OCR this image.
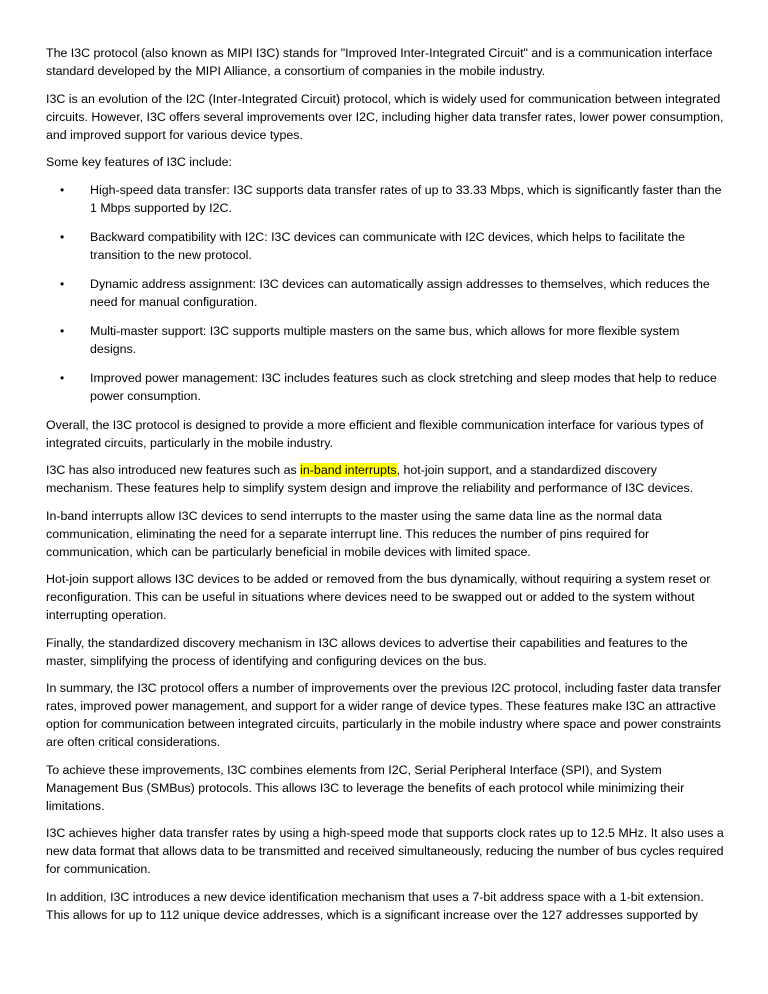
The I3C protocol (also known as MIPI I3C) stands for "Improved Inter-Integrated Circuit" and is a communication interface standard developed by the MIPI Alliance, a consortium of companies in the mobile industry.

I3C is an evolution of the I2C (Inter-Integrated Circuit) protocol, which is widely used for communication between integrated circuits. However, I3C offers several improvements over I2C, including higher data transfer rates, lower power consumption, and improved support for various device types.

Some key features of I3C include:

• High-speed data transfer: I3C supports data transfer rates of up to 33.33 Mbps, which is significantly faster than the 1 Mbps supported by I2C.
• Backward compatibility with I2C: I3C devices can communicate with I2C devices, which helps to facilitate the transition to the new protocol.
• Dynamic address assignment: I3C devices can automatically assign addresses to themselves, which reduces the need for manual configuration.
• Multi-master support: I3C supports multiple masters on the same bus, which allows for more flexible system designs.
• Improved power management: I3C includes features such as clock stretching and sleep modes that help to reduce power consumption.

Overall, the I3C protocol is designed to provide a more efficient and flexible communication interface for various types of integrated circuits, particularly in the mobile industry.

I3C has also introduced new features such as in-band interrupts, hot-join support, and a standardized discovery mechanism. These features help to simplify system design and improve the reliability and performance of I3C devices.

In-band interrupts allow I3C devices to send interrupts to the master using the same data line as the normal data communication, eliminating the need for a separate interrupt line. This reduces the number of pins required for communication, which can be particularly beneficial in mobile devices with limited space.

Hot-join support allows I3C devices to be added or removed from the bus dynamically, without requiring a system reset or reconfiguration. This can be useful in situations where devices need to be swapped out or added to the system without interrupting operation.

Finally, the standardized discovery mechanism in I3C allows devices to advertise their capabilities and features to the master, simplifying the process of identifying and configuring devices on the bus.

In summary, the I3C protocol offers a number of improvements over the previous I2C protocol, including faster data transfer rates, improved power management, and support for a wider range of device types. These features make I3C an attractive option for communication between integrated circuits, particularly in the mobile industry where space and power constraints are often critical considerations.

To achieve these improvements, I3C combines elements from I2C, Serial Peripheral Interface (SPI), and System Management Bus (SMBus) protocols. This allows I3C to leverage the benefits of each protocol while minimizing their limitations.

I3C achieves higher data transfer rates by using a high-speed mode that supports clock rates up to 12.5 MHz. It also uses a new data format that allows data to be transmitted and received simultaneously, reducing the number of bus cycles required for communication.

In addition, I3C introduces a new device identification mechanism that uses a 7-bit address space with a 1-bit extension. This allows for up to 112 unique device addresses, which is a significant increase over the 127 addresses supported by
